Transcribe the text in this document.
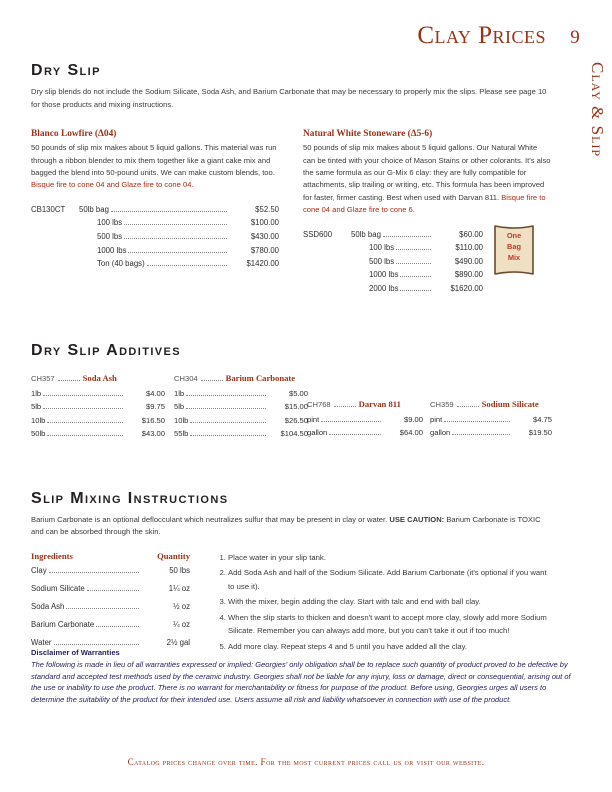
Clay Prices 9
Clay & Slip
Dry Slip

Dry slip blends do not include the Sodium Silicate, Soda Ash, and Barium Carbonate that may be necessary to properly mix the slips. Please see page 10 for those products and mixing instructions.

Blanco Lowfire (Δ04)

50 pounds of slip mix makes about 5 liquid gallons. This material was run through a ribbon blender to mix them together like a giant cake mix and bagged the blend into 50-pound units. We can make custom blends, too. Bisque fire to cone 04 and Glaze fire to cone 04.

CB130CT	50lb bag	$52.50
100 lbs	$100.00
500 lbs	$430.00
1000 lbs	$780.00
Ton (40 bags)	$1420.00
Natural White Stoneware (Δ5-6)

50 pounds of slip mix makes about 5 liquid gallons. Our Natural White can be tinted with your choice of Mason Stains or other colorants. It's also the same formula as our G-Mix 6 clay: they are fully compatible for attachments, slip trailing or writing, etc. This formula has been improved for faster, firmer casting. Best when used with Darvan 811. Bisque fire to cone 04 and Glaze fire to cone 6.

SSD600	50lb bag	$60.00
100 lbs	$110.00
500 lbs	$490.00
1000 lbs	$890.00
2000 lbs	$1620.00
One
Bag
Mix
Dry Slip Additives
CH357	Soda Ash
1lb	$4.00
5lb	$9.75
10lb	$16.50
50lb	$43.00
CH304	Barium Carbonate
1lb	$5.00
5lb	$15.00
10lb	$26.50
55lb	$104.50
CH768	Darvan 811
pint	$9.00
gallon	$64.00
CH359	Sodium Silicate
pint	$4.75
gallon	$19.50
Slip Mixing Instructions

Barium Carbonate is an optional deflocculant which neutralizes sulfur that may be present in clay or water. USE CAUTION: Barium Carbonate is TOXIC and can be absorbed through the skin.

Ingredients	Quantity

Clay	50 lbs

Sodium Silicate	1¼ oz

Soda Ash	½ oz

Barium Carbonate	¼ oz

Water	2½ gal
1. Place water in your slip tank.
2. Add Soda Ash and half of the Sodium Silicate. Add Barium Carbonate (it's optional if you want to use it).
3. With the mixer, begin adding the clay. Start with talc and end with ball clay.
4. When the slip starts to thicken and doesn't want to accept more clay, slowly add more Sodium Silicate. Remember you can always add more, but you can't take it out if too much!
5. Add more clay. Repeat steps 4 and 5 until you have added all the clay.
Disclaimer of Warranties

The following is made in lieu of all warranties expressed or implied: Georgies' only obligation shall be to replace such quantity of product proved to be defective by standard and accepted test methods used by the ceramic industry. Georgies shall not be liable for any injury, loss or damage, direct or consequential, arising out of the use or inability to use the product. There is no warrant for merchantability or fitness for purpose of the product. Before using, Georgies urges all users to determine the suitability of the product for their intended use. Users assume all risk and liability whatsoever in connection with use of the product.

Catalog prices change over time. For the most current prices call us or visit our website.
